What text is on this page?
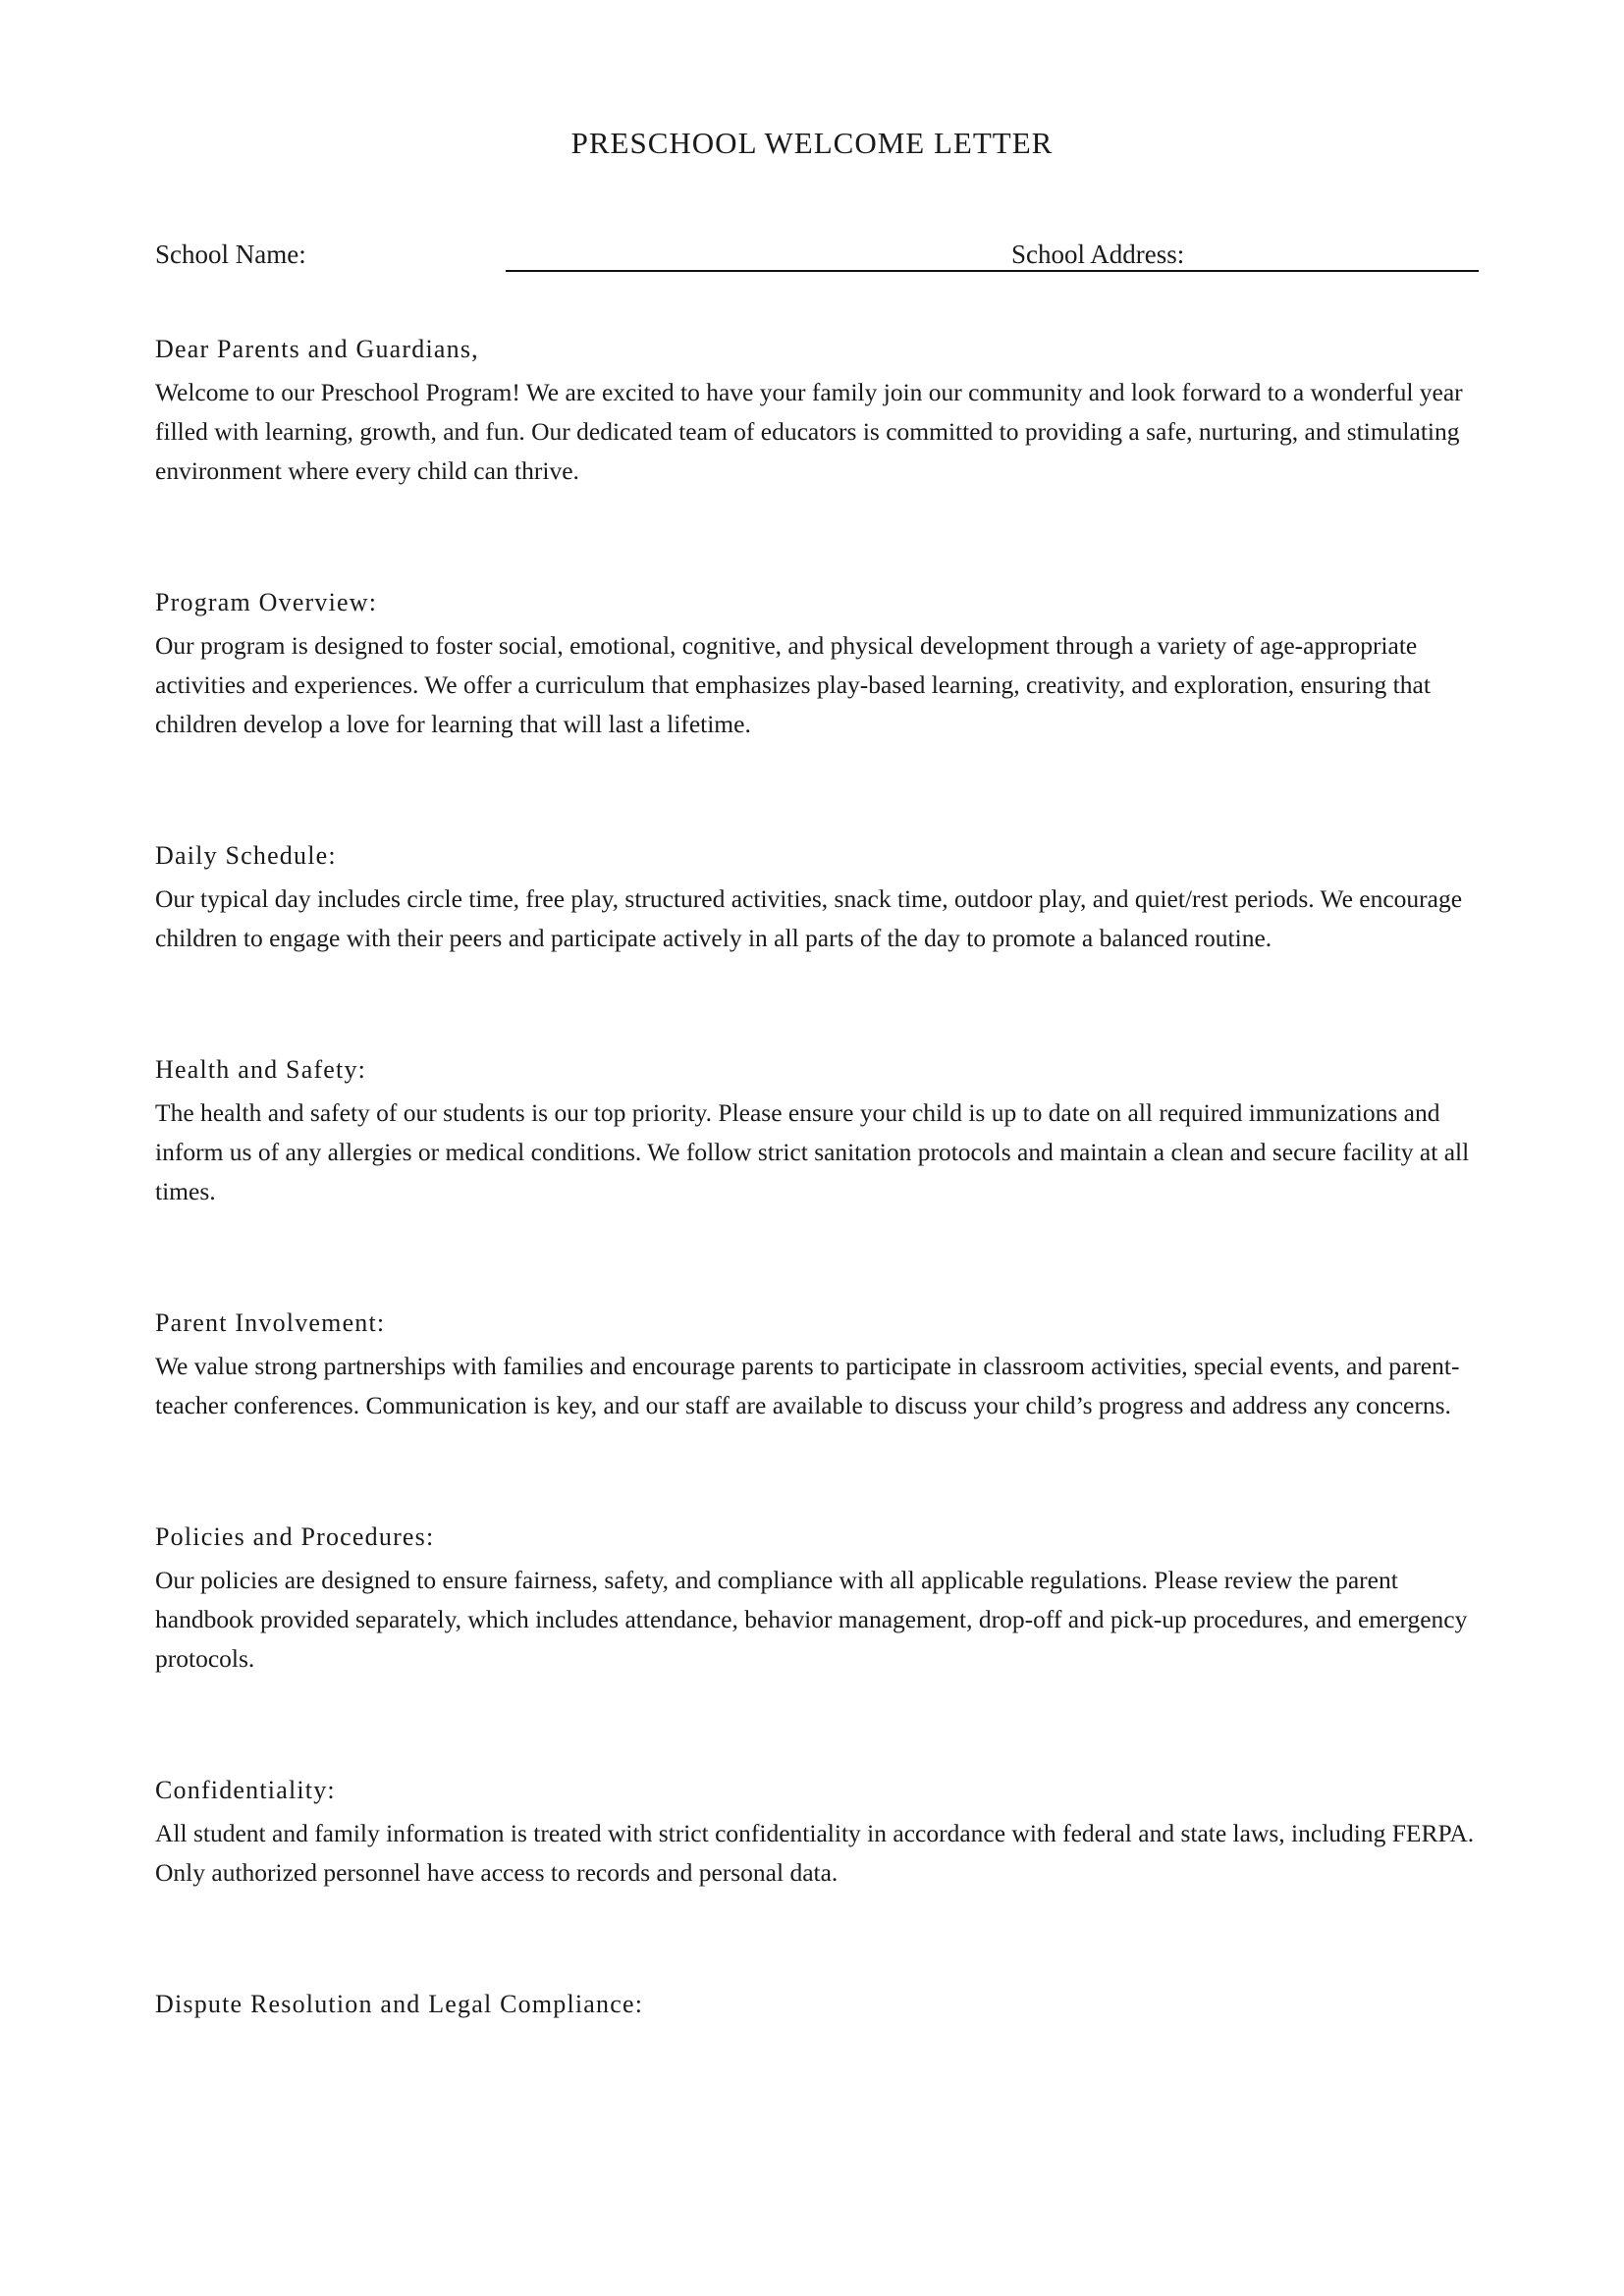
PRESCHOOL WELCOME LETTER
School Name:	School Address:

Dear Parents and Guardians,

Welcome to our Preschool Program! We are excited to have your family join our community and look forward to a wonderful year filled with learning, growth, and fun. Our dedicated team of educators is committed to providing a safe, nurturing, and stimulating environment where every child can thrive.

Program Overview:

Our program is designed to foster social, emotional, cognitive, and physical development through a variety of age-appropriate activities and experiences. We offer a curriculum that emphasizes play-based learning, creativity, and exploration, ensuring that children develop a love for learning that will last a lifetime.

Daily Schedule:

Our typical day includes circle time, free play, structured activities, snack time, outdoor play, and quiet/rest periods. We encourage children to engage with their peers and participate actively in all parts of the day to promote a balanced routine.

Health and Safety:

The health and safety of our students is our top priority. Please ensure your child is up to date on all required immunizations and inform us of any allergies or medical conditions. We follow strict sanitation protocols and maintain a clean and secure facility at all times.

Parent Involvement:

We value strong partnerships with families and encourage parents to participate in classroom activities, special events, and parent-teacher conferences. Communication is key, and our staff are available to discuss your child’s progress and address any concerns.

Policies and Procedures:

Our policies are designed to ensure fairness, safety, and compliance with all applicable regulations. Please review the parent handbook provided separately, which includes attendance, behavior management, drop-off and pick-up procedures, and emergency protocols.

Confidentiality:

All student and family information is treated with strict confidentiality in accordance with federal and state laws, including FERPA. Only authorized personnel have access to records and personal data.

Dispute Resolution and Legal Compliance:
